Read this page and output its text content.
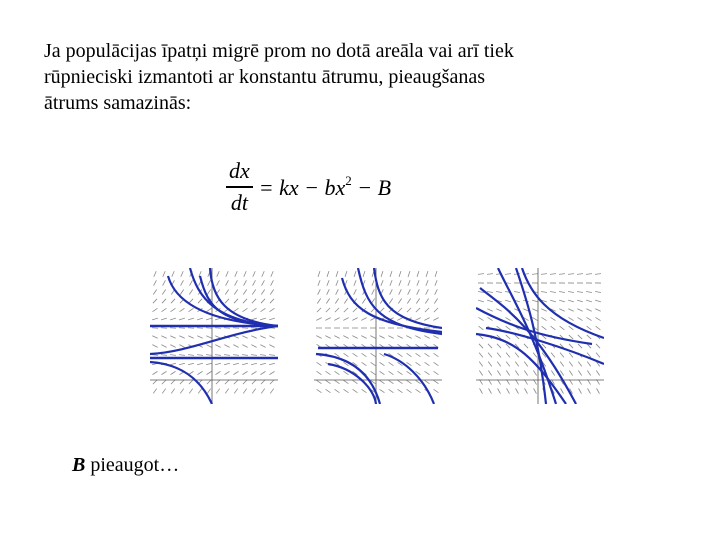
Ja populācijas īpatņi migrē prom no dotā areāla vai arī tiek
rūpnieciski izmantoti ar konstantu ātrumu, pieaugšanas
ātrums samazinās:

$\frac{dx}{dt}$ = kx − $bx^2 - B$
B pieaugot…
